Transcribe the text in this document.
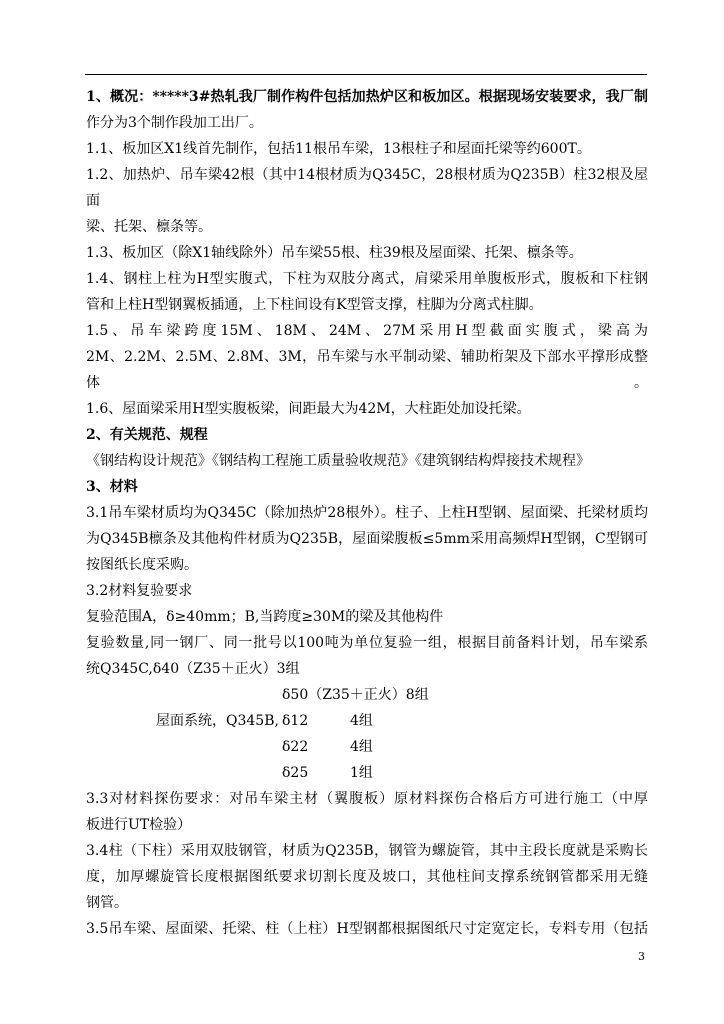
1、概况：*****3#热轧我厂制作构件包括加热炉区和板加区。根据现场安装要求，我厂制

作分为3个制作段加工出厂。

1.1、板加区X1线首先制作，包括11根吊车梁，13根柱子和屋面托梁等约600T。

1.2、加热炉、吊车梁42根（其中14根材质为Q345C，28根材质为Q235B）柱32根及屋面

梁、托架、檩条等。

1.3、板加区（除X1轴线除外）吊车梁55根、柱39根及屋面梁、托架、檩条等。

1.4、钢柱上柱为H型实腹式，下柱为双肢分离式，肩梁采用单腹板形式，腹板和下柱钢

管和上柱H型钢翼板插通，上下柱间设有K型管支撑，柱脚为分离式柱脚。

1.5、吊车梁跨度15M、18M、24M、27M采用H型截面实腹式，梁高为

2M、2.2M、2.5M、2.8M、3M，吊车梁与水平制动梁、辅助桁架及下部水平撑形成整体。

1.6、屋面梁采用H型实腹板梁，间距最大为42M，大柱距处加设托梁。

2、有关规范、规程

《钢结构设计规范》《钢结构工程施工质量验收规范》《建筑钢结构焊接技术规程》

3、材料

3.1吊车梁材质均为Q345C（除加热炉28根外）。柱子、上柱H型钢、屋面梁、托梁材质均

为Q345B檩条及其他构件材质为Q235B，屋面梁腹板≤5mm采用高频焊H型钢，C型钢可

按图纸长度采购。

3.2材料复验要求

复验范围A，δ≥40mm；B,当跨度≥30M的梁及其他构件

复验数量,同一钢厂、同一批号以100吨为单位复验一组，根据目前备料计划，吊车梁系

统Q345C,δ40（Z35＋正火）3组

δ50（Z35＋正火）8组

屋面系统，Q345B, δ12	4组
δ22	4组
δ25	1组

3.3对材料探伤要求：对吊车梁主材（翼腹板）原材料探伤合格后方可进行施工（中厚

板进行UT检验）

3.4柱（下柱）采用双肢钢管，材质为Q235B，钢管为螺旋管，其中主段长度就是采购长

度，加厚螺旋管长度根据图纸要求切割长度及坡口，其他柱间支撑系统钢管都采用无缝

钢管。

3.5吊车梁、屋面梁、托梁、柱（上柱）H型钢都根据图纸尺寸定宽定长，专料专用（包括

3
